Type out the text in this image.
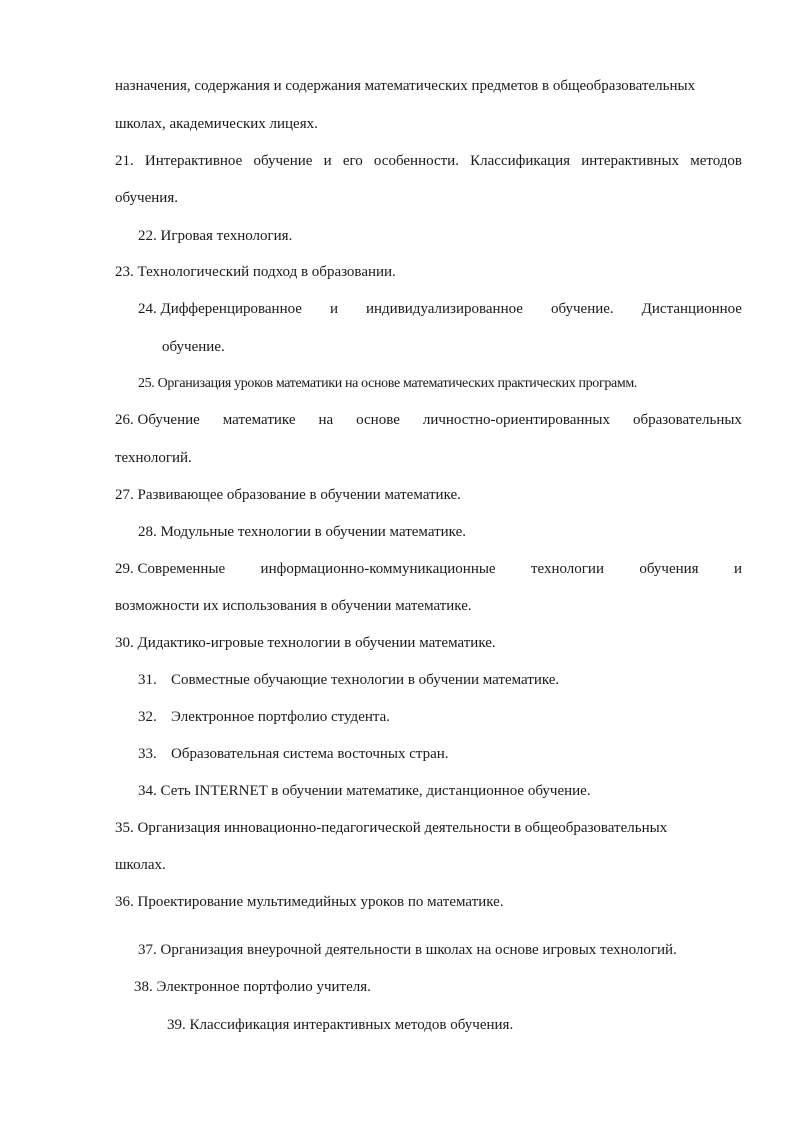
назначения, содержания и содержания математических предметов в общеобразовательных
школах, академических лицеях.
21. Интерактивное обучение и его особенности. Классификация интерактивных методов
обучения.
22. Игровая технология.
23. Технологический подход в образовании.
24. Дифференцированное и индивидуализированное обучение. Дистанционное
обучение.
25. Организация уроков математики на основе математических практических программ.
26. Обучение математике на основе личностно-ориентированных образовательных
технологий.
27. Развивающее образование в обучении математике.
28. Модульные технологии в обучении математике.
29. Современные информационно-коммуникационные технологии обучения и
возможности их использования в обучении математике.
30. Дидактико-игровые технологии в обучении математике.
31. Совместные обучающие технологии в обучении математике.
32. Электронное портфолио студента.
33. Образовательная система восточных стран.
34. Сеть INTERNET в обучении математике, дистанционное обучение.
35. Организация инновационно-педагогической деятельности в общеобразовательных
школах.
36. Проектирование мультимедийных уроков по математике.
37. Организация внеурочной деятельности в школах на основе игровых технологий.
38. Электронное портфолио учителя.
39. Классификация интерактивных методов обучения.
